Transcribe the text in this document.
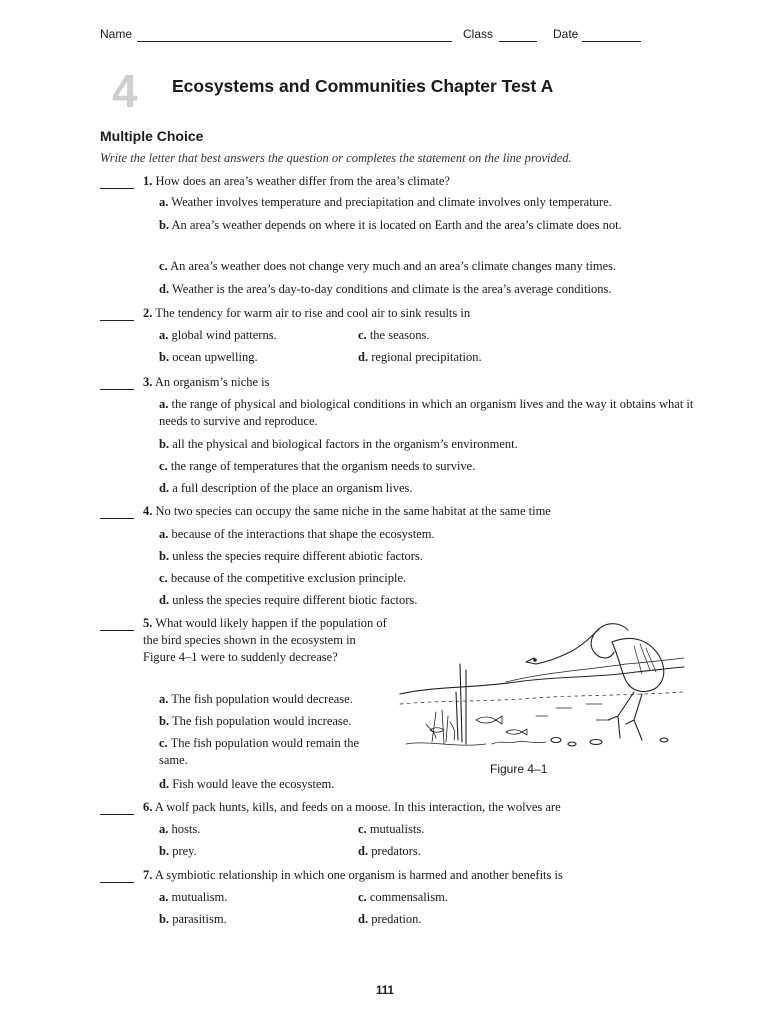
Name	Class	Date
4 Ecosystems and Communities Chapter Test A
Multiple Choice
Write the letter that best answers the question or completes the statement on the line provided.
1. How does an area’s weather differ from the area’s climate?
a. Weather involves temperature and preciapitation and climate involves only temperature.
b. An area’s weather depends on where it is located on Earth and the area’s climate does not.
c. An area’s weather does not change very much and an area’s climate changes many times.
d. Weather is the area’s day-to-day conditions and climate is the area’s average conditions.
2. The tendency for warm air to rise and cool air to sink results in
a. global wind patterns.
b. ocean upwelling.
c. the seasons.
d. regional precipitation.
3. An organism’s niche is
a. the range of physical and biological conditions in which an organism lives and the way it obtains what it needs to survive and reproduce.
b. all the physical and biological factors in the organism’s environment.
c. the range of temperatures that the organism needs to survive.
d. a full description of the place an organism lives.
4. No two species can occupy the same niche in the same habitat at the same time
a. because of the interactions that shape the ecosystem.
b. unless the species require different abiotic factors.
c. because of the competitive exclusion principle.
d. unless the species require different biotic factors.
5. What would likely happen if the population of the bird species shown in the ecosystem in Figure 4–1 were to suddenly decrease?
a. The fish population would decrease.
b. The fish population would increase.
c. The fish population would remain the same.
d. Fish would leave the ecosystem.
Figure 4–1
6. A wolf pack hunts, kills, and feeds on a moose. In this interaction, the wolves are
a. hosts.
b. prey.
c. mutualists.
d. predators.
7. A symbiotic relationship in which one organism is harmed and another benefits is
a. mutualism.
b. parasitism.
c. commensalism.
d. predation.
111
